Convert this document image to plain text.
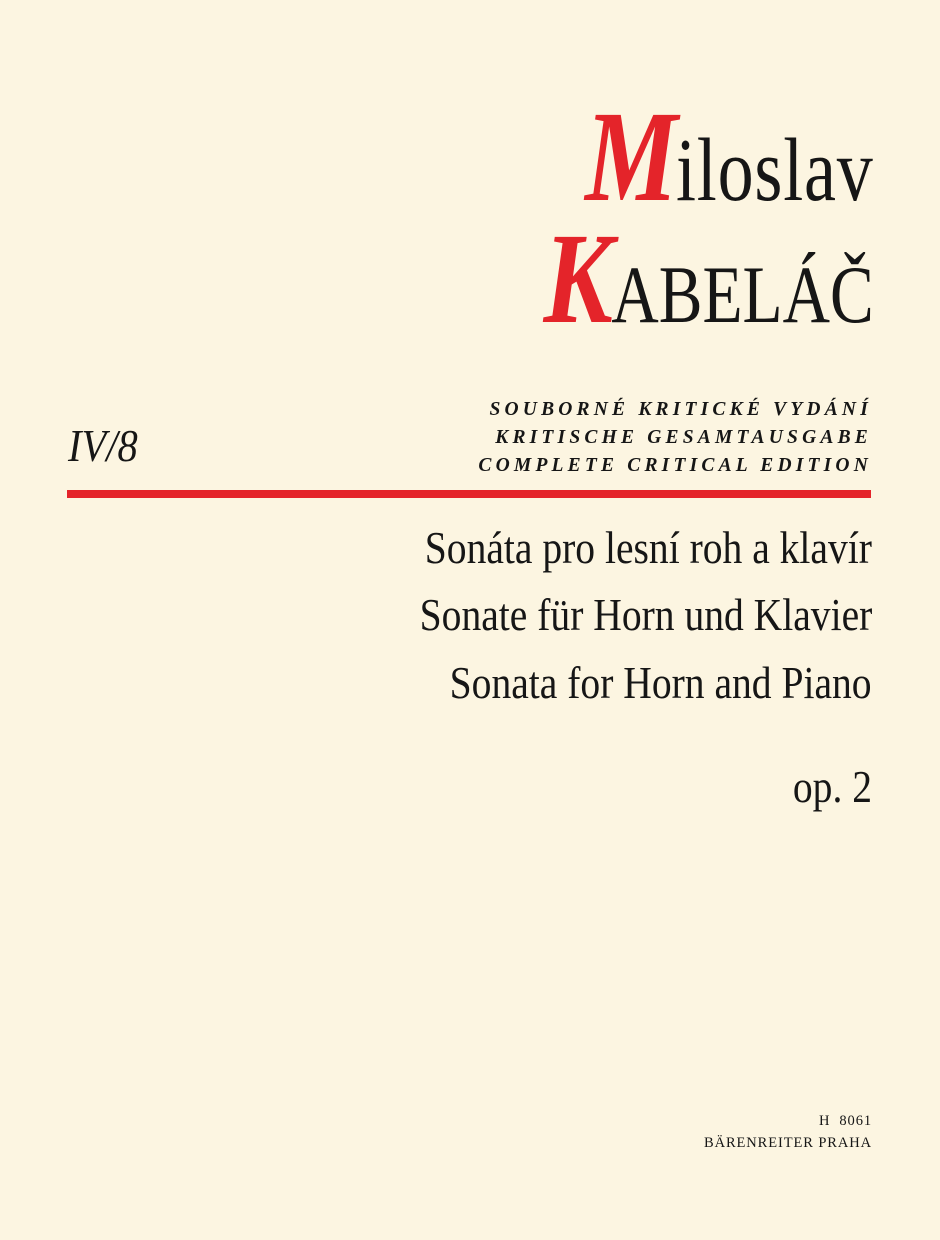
Miloslav
KABELÁČ
IV/8
SOUBORNÉ KRITICKÉ VYDÁNÍ
KRITISCHE GESAMTAUSGABE
COMPLETE CRITICAL EDITION
Sonáta pro lesní roh a klavír
Sonate für Horn und Klavier
Sonata for Horn and Piano
op. 2
H  8061
BÄRENREITER PRAHA
